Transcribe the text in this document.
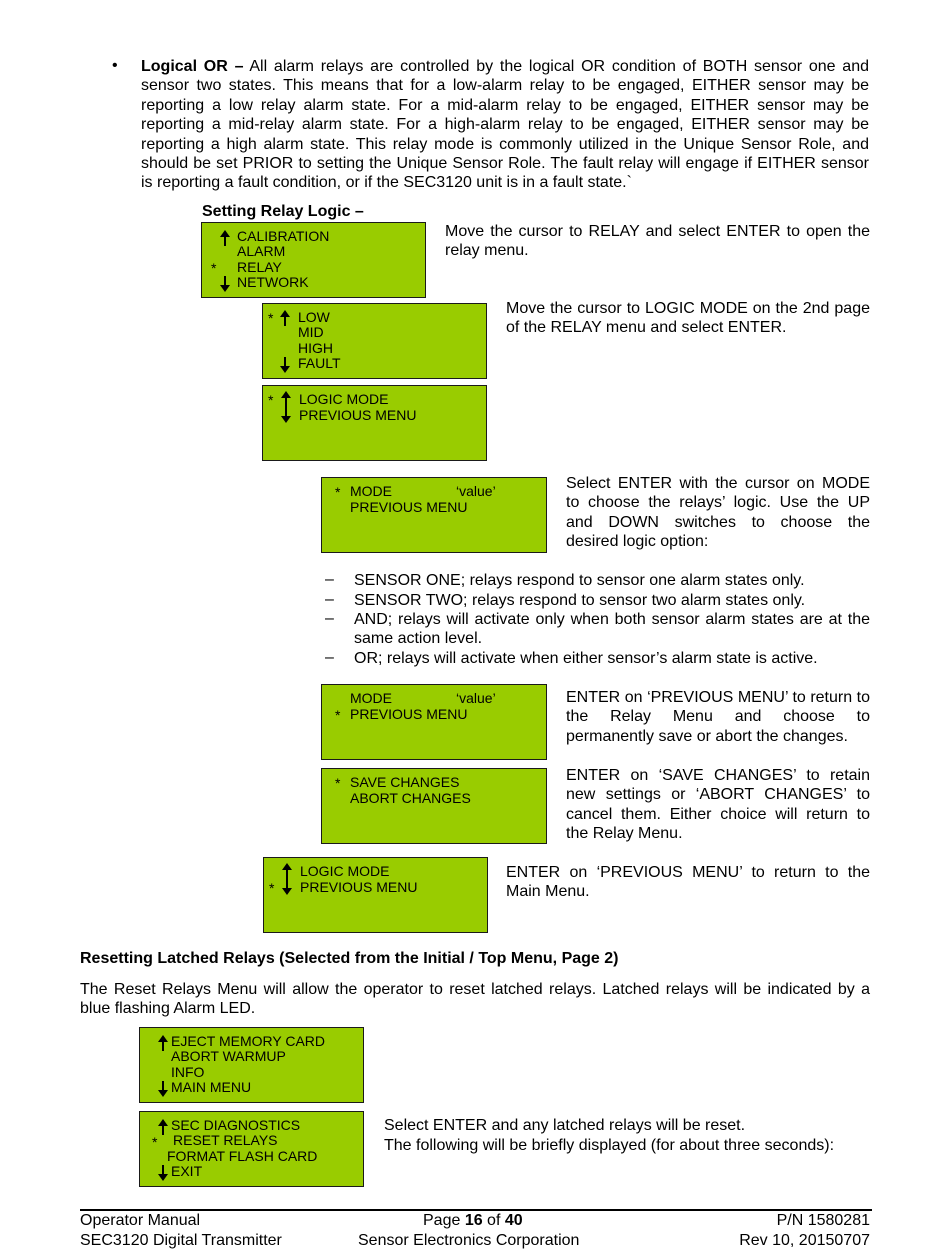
• Logical OR – All alarm relays are controlled by the logical OR condition of BOTH sensor one and sensor two states. This means that for a low-alarm relay to be engaged, EITHER sensor may be reporting a low relay alarm state. For a mid-alarm relay to be engaged, EITHER sensor may be reporting a mid-relay alarm state. For a high-alarm relay to be engaged, EITHER sensor may be reporting a high alarm state. This relay mode is commonly utilized in the Unique Sensor Role, and should be set PRIOR to setting the Unique Sensor Role. The fault relay will engage if EITHER sensor is reporting a fault condition, or if the SEC3120 unit is in a fault state.`
Setting Relay Logic –
CALIBRATION
ALARM
* RELAY
NETWORK
Move the cursor to RELAY and select ENTER to open the relay menu.
* LOW
MID
HIGH
FAULT
Move the cursor to LOGIC MODE on the 2nd page of the RELAY menu and select ENTER.
* LOGIC MODE
PREVIOUS MENU
* MODE	‘value’
PREVIOUS MENU
Select ENTER with the cursor on MODE to choose the relays’ logic. Use the UP and DOWN switches to choose the desired logic option:
– SENSOR ONE; relays respond to sensor one alarm states only.
– SENSOR TWO; relays respond to sensor two alarm states only.
– AND; relays will activate only when both sensor alarm states are at the same action level.
– OR; relays will activate when either sensor’s alarm state is active.
MODE	‘value’
* PREVIOUS MENU
ENTER on ‘PREVIOUS MENU’ to return to the Relay Menu and choose to permanently save or abort the changes.
* SAVE CHANGES
ABORT CHANGES
ENTER on ‘SAVE CHANGES’ to retain new settings or ‘ABORT CHANGES’ to cancel them. Either choice will return to the Relay Menu.
LOGIC MODE
* PREVIOUS MENU
ENTER on ‘PREVIOUS MENU’ to return to the Main Menu.
Resetting Latched Relays (Selected from the Initial / Top Menu, Page 2)
The Reset Relays Menu will allow the operator to reset latched relays. Latched relays will be indicated by a blue flashing Alarm LED.
EJECT MEMORY CARD
ABORT WARMUP
INFO
MAIN MENU
SEC DIAGNOSTICS
* RESET RELAYS
FORMAT FLASH CARD
EXIT
Select ENTER and any latched relays will be reset.
The following will be briefly displayed (for about three seconds):
Operator Manual
SEC3120 Digital Transmitter
Page 16 of 40
Sensor Electronics Corporation
P/N 1580281
Rev 10, 20150707
